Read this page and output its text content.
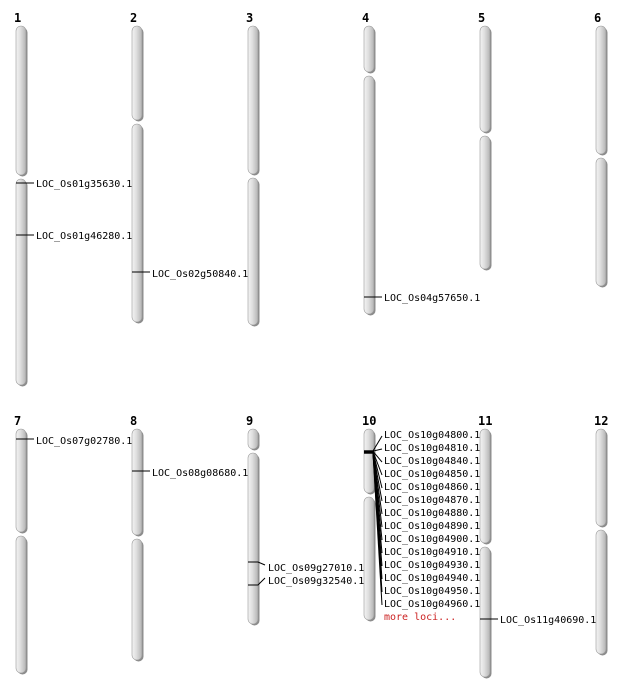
1	2	3	4	5	6
7	8	9	10	11	12
LOC_Os01g35630.1
LOC_Os01g46280.1
LOC_Os02g50840.1
LOC_Os04g57650.1
LOC_Os07g02780.1
LOC_Os08g08680.1
LOC_Os09g27010.1
LOC_Os09g32540.1
LOC_Os10g04800.1
LOC_Os10g04810.1
LOC_Os10g04840.1
LOC_Os10g04850.1
LOC_Os10g04860.1
LOC_Os10g04870.1
LOC_Os10g04880.1
LOC_Os10g04890.1
LOC_Os10g04900.1
LOC_Os10g04910.1
LOC_Os10g04930.1
LOC_Os10g04940.1
LOC_Os10g04950.1
LOC_Os10g04960.1
more loci...	LOC_Os11g40690.1
